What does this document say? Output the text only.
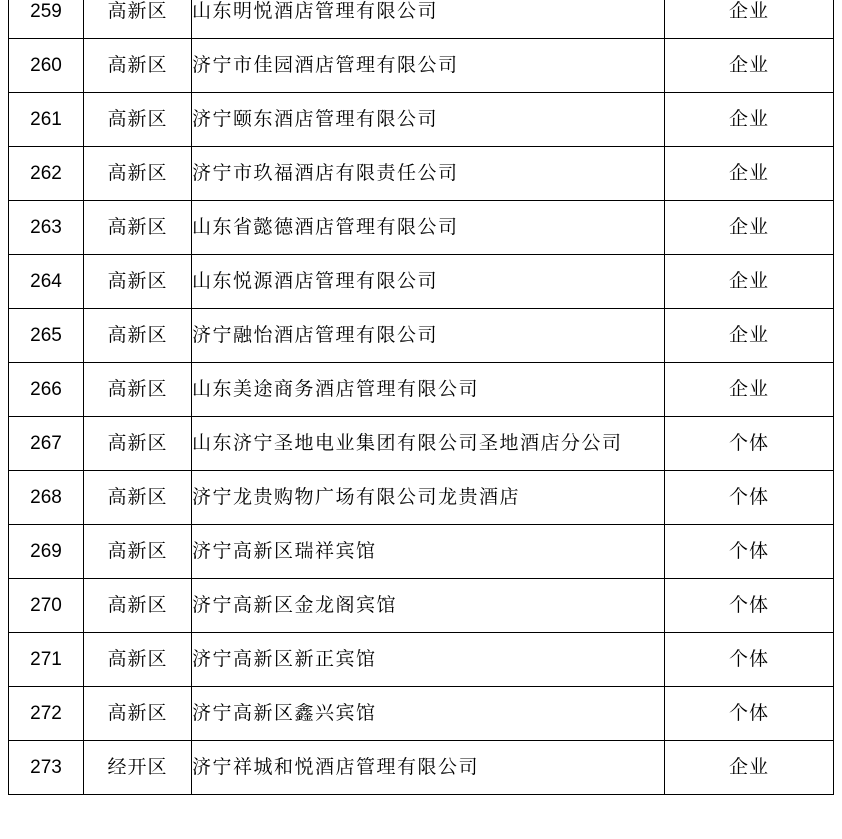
259	高新区	山东明悦酒店管理有限公司	企业
260	高新区	济宁市佳园酒店管理有限公司	企业
261	高新区	济宁颐东酒店管理有限公司	企业
262	高新区	济宁市玖福酒店有限责任公司	企业
263	高新区	山东省懿德酒店管理有限公司	企业
264	高新区	山东悦源酒店管理有限公司	企业
265	高新区	济宁融怡酒店管理有限公司	企业
266	高新区	山东美途商务酒店管理有限公司	企业
267	高新区	山东济宁圣地电业集团有限公司圣地酒店分公司	个体
268	高新区	济宁龙贵购物广场有限公司龙贵酒店	个体
269	高新区	济宁高新区瑞祥宾馆	个体
270	高新区	济宁高新区金龙阁宾馆	个体
271	高新区	济宁高新区新正宾馆	个体
272	高新区	济宁高新区鑫兴宾馆	个体
273	经开区	济宁祥城和悦酒店管理有限公司	企业
